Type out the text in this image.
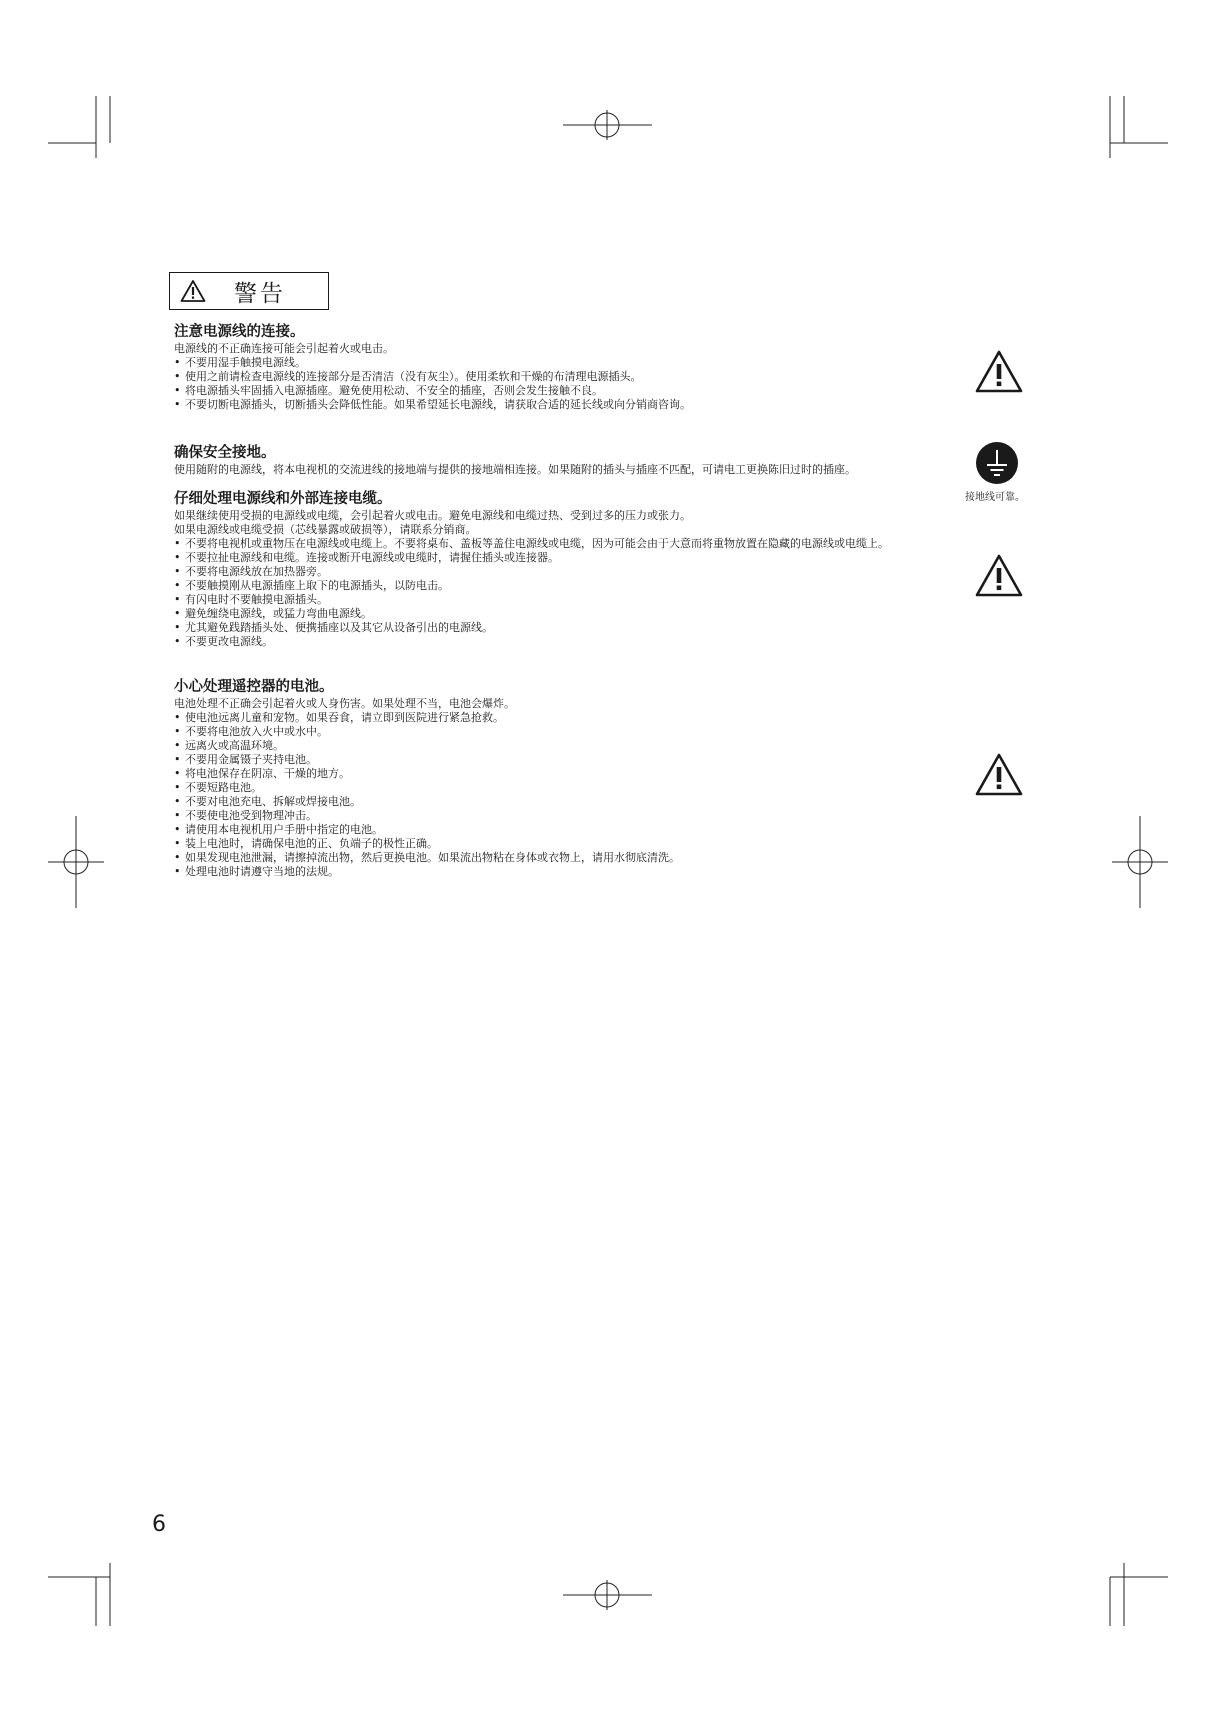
警告
注意电源线的连接。

电源线的不正确连接可能会引起着火或电击。

• 不要用湿手触摸电源线。
• 使用之前请检查电源线的连接部分是否清洁（没有灰尘）。使用柔软和干燥的布清理电源插头。
• 将电源插头牢固插入电源插座。避免使用松动、不安全的插座，否则会发生接触不良。
• 不要切断电源插头，切断插头会降低性能。如果希望延长电源线，请获取合适的延长线或向分销商咨询。
确保安全接地。

使用随附的电源线，将本电视机的交流进线的接地端与提供的接地端相连接。如果随附的插头与插座不匹配，可请电工更换陈旧过时的插座。

仔细处理电源线和外部连接电缆。

如果继续使用受损的电源线或电缆，会引起着火或电击。避免电源线和电缆过热、受到过多的压力或张力。

如果电源线或电缆受损（芯线暴露或破损等），请联系分销商。

• 不要将电视机或重物压在电源线或电缆上。不要将桌布、盖板等盖住电源线或电缆，因为可能会由于大意而将重物放置在隐藏的电源线或电缆上。
• 不要拉扯电源线和电缆。连接或断开电源线或电缆时，请握住插头或连接器。
• 不要将电源线放在加热器旁。
• 不要触摸刚从电源插座上取下的电源插头，以防电击。
• 有闪电时不要触摸电源插头。
• 避免缠绕电源线，或猛力弯曲电源线。
• 尤其避免践踏插头处、便携插座以及其它从设备引出的电源线。
• 不要更改电源线。
小心处理遥控器的电池。

电池处理不正确会引起着火或人身伤害。如果处理不当，电池会爆炸。

• 使电池远离儿童和宠物。如果吞食，请立即到医院进行紧急抢救。
• 不要将电池放入火中或水中。
• 远离火或高温环境。
• 不要用金属镊子夹持电池。
• 将电池保存在阴凉、干燥的地方。
• 不要短路电池。
• 不要对电池充电、拆解或焊接电池。
• 不要使电池受到物理冲击。
• 请使用本电视机用户手册中指定的电池。
• 装上电池时，请确保电池的正、负端子的极性正确。
• 如果发现电池泄漏，请擦掉流出物，然后更换电池。如果流出物粘在身体或衣物上，请用水彻底清洗。
• 处理电池时请遵守当地的法规。
接地线可靠。
6
